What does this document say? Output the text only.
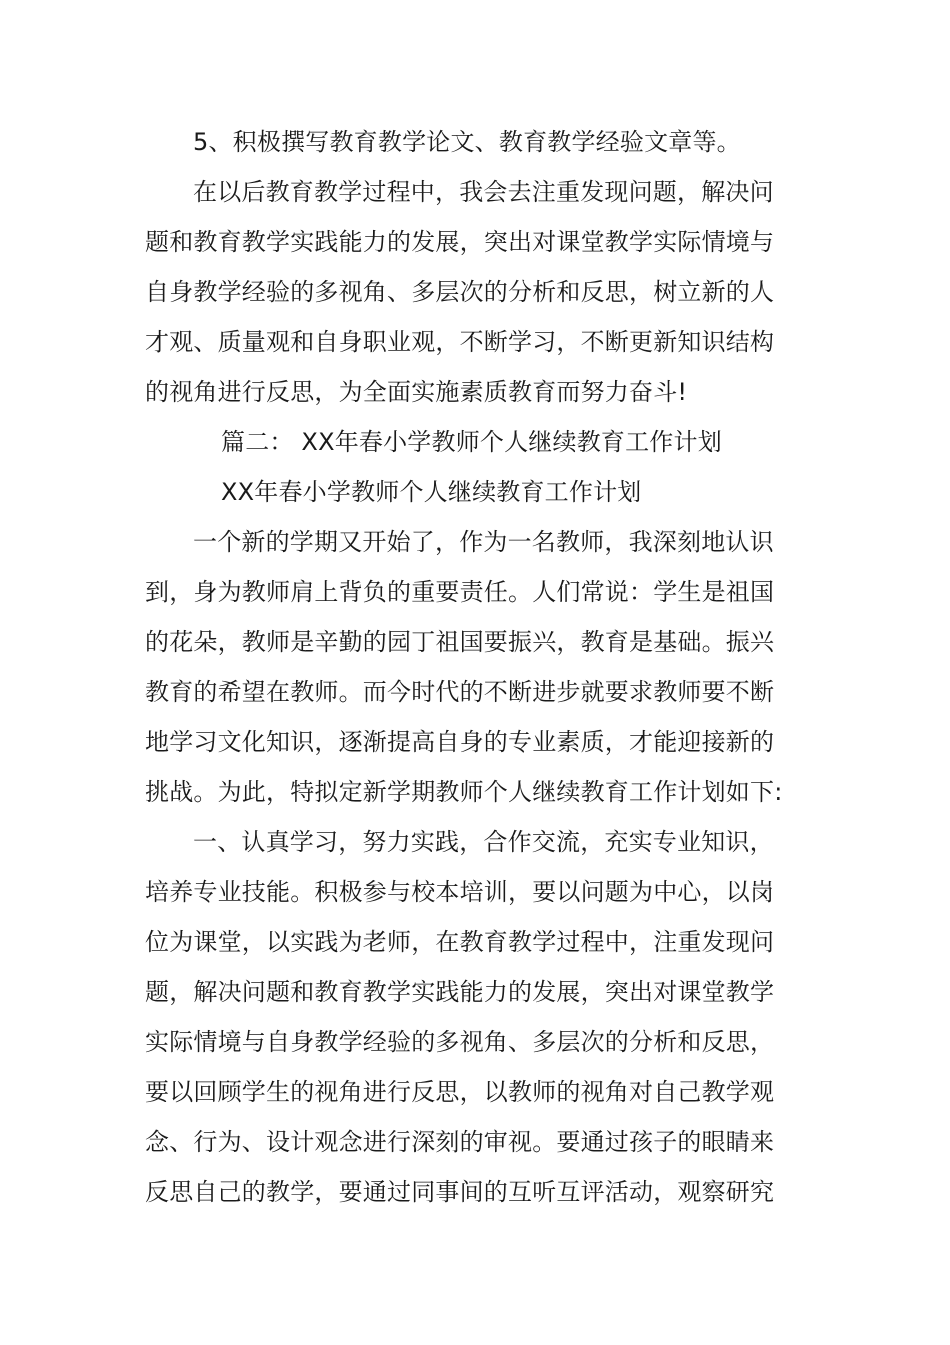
5、积极撰写教育教学论文、教育教学经验文章等。
在以后教育教学过程中，我会去注重发现问题，解决问
题和教育教学实践能力的发展，突出对课堂教学实际情境与
自身教学经验的多视角、多层次的分析和反思，树立新的人
才观、质量观和自身职业观，不断学习，不断更新知识结构
的视角进行反思，为全面实施素质教育而努力奋斗!
篇二： XX年春小学教师个人继续教育工作计划
XX年春小学教师个人继续教育工作计划
一个新的学期又开始了，作为一名教师，我深刻地认识
到，身为教师肩上背负的重要责任。人们常说：学生是祖国
的花朵，教师是辛勤的园丁祖国要振兴，教育是基础。振兴
教育的希望在教师。而今时代的不断进步就要求教师要不断
地学习文化知识，逐渐提高自身的专业素质，才能迎接新的
挑战。为此，特拟定新学期教师个人继续教育工作计划如下:
一、认真学习，努力实践，合作交流，充实专业知识，
培养专业技能。积极参与校本培训，要以问题为中心，以岗
位为课堂，以实践为老师，在教育教学过程中，注重发现问
题，解决问题和教育教学实践能力的发展，突出对课堂教学
实际情境与自身教学经验的多视角、多层次的分析和反思，
要以回顾学生的视角进行反思，以教师的视角对自己教学观
念、行为、设计观念进行深刻的审视。要通过孩子的眼睛来
反思自己的教学，要通过同事间的互听互评活动，观察研究
